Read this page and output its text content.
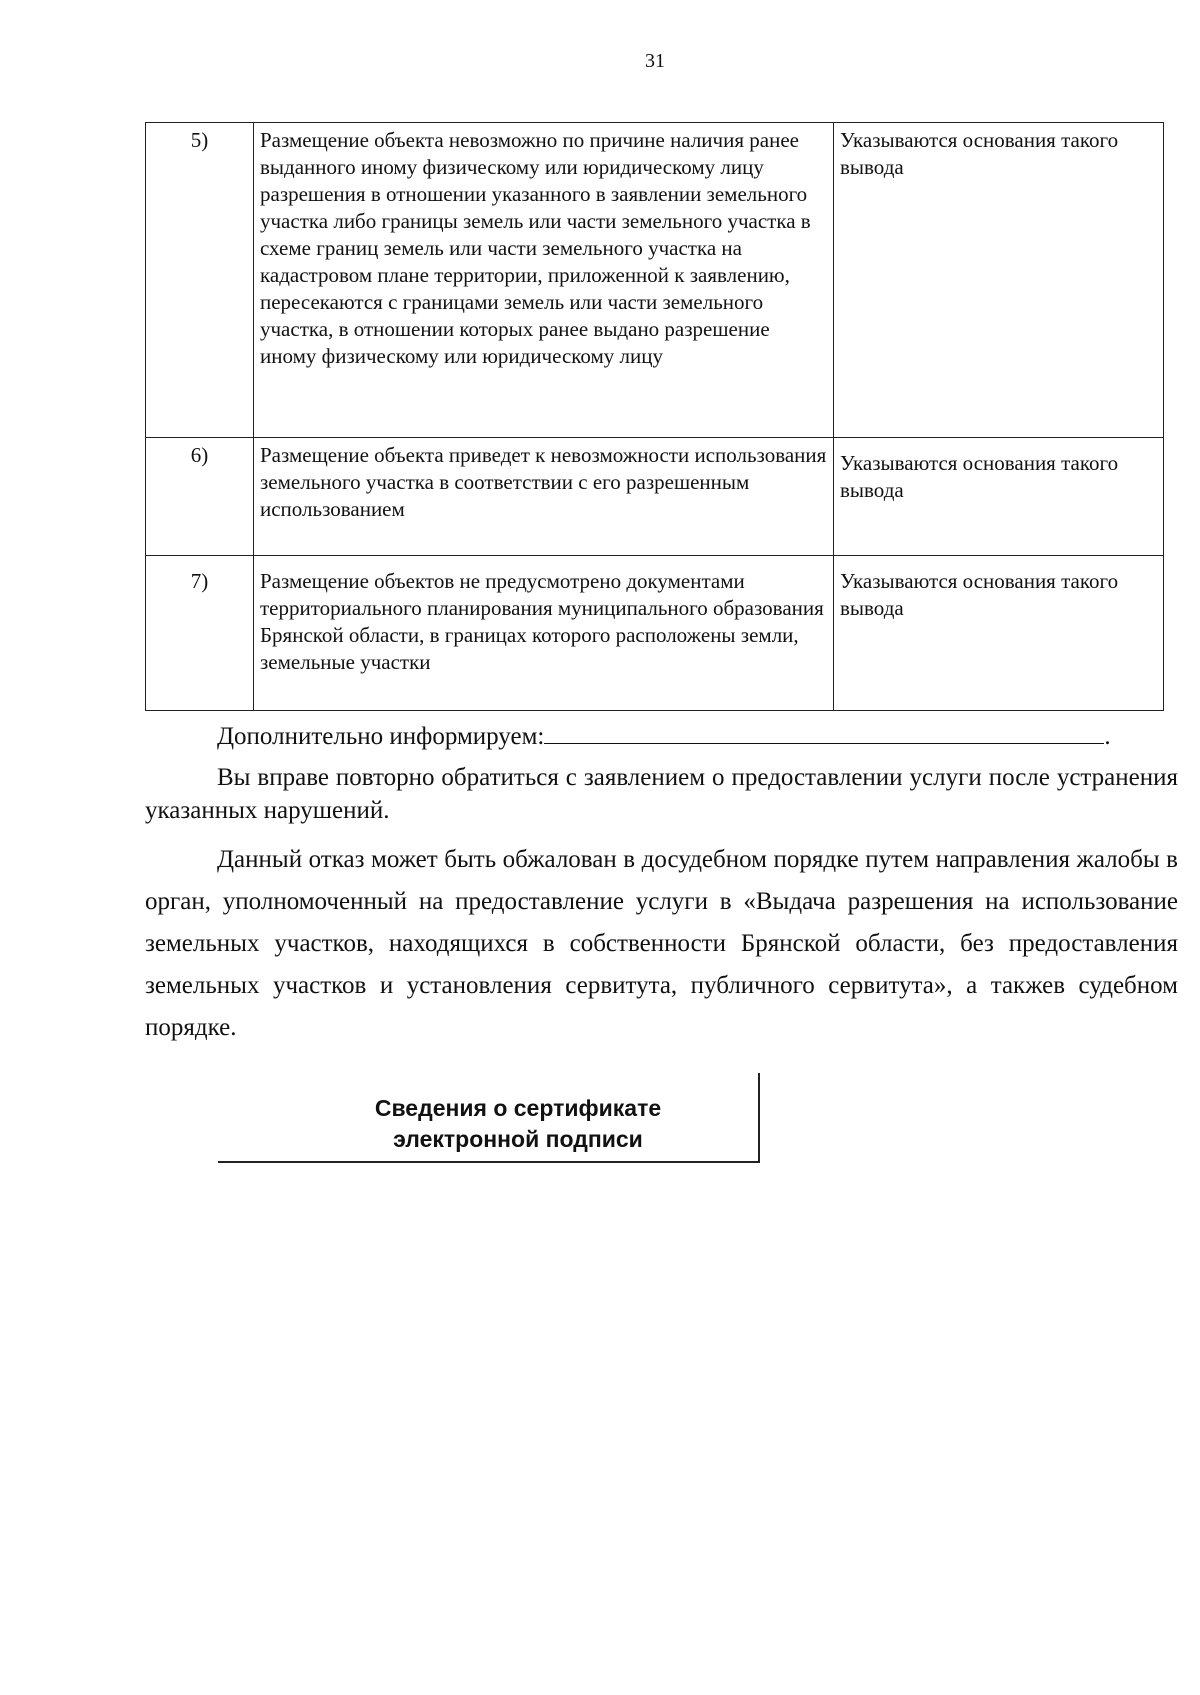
31
5)	Размещение объекта невозможно по причине наличия ранее выданного иному физическому или юридическому лицу разрешения в отношении указанного в заявлении земельного участка либо границы земель или части земельного участка в схеме границ земель или части земельного участка на кадастровом плане территории, приложенной к заявлению, пересекаются с границами земель или части земельного участка, в отношении которых ранее выдано разрешение иному физическому или юридическому лицу	Указываются основания такого вывода
6)	Размещение объекта приведет к невозможности использования земельного участка в соответствии с его разрешенным использованием	Указываются основания такого вывода
7)	Размещение объектов не предусмотрено документами территориального планирования муниципального образования Брянской области, в границах которого расположены земли, земельные участки	Указываются основания такого вывода

Дополнительно информируем:	.

Вы вправе повторно обратиться с заявлением о предоставлении услуги после устранения указанных нарушений.

Данный отказ может быть обжалован в досудебном порядке путем направления жалобы в орган, уполномоченный на предоставление услуги в «Выдача разрешения на использование земельных участков, находящихся в собственности Брянской области, без предоставления земельных участков и установления сервитута, публичного сервитута», а такжев судебном порядке.

Сведения о сертификате
электронной подписи
